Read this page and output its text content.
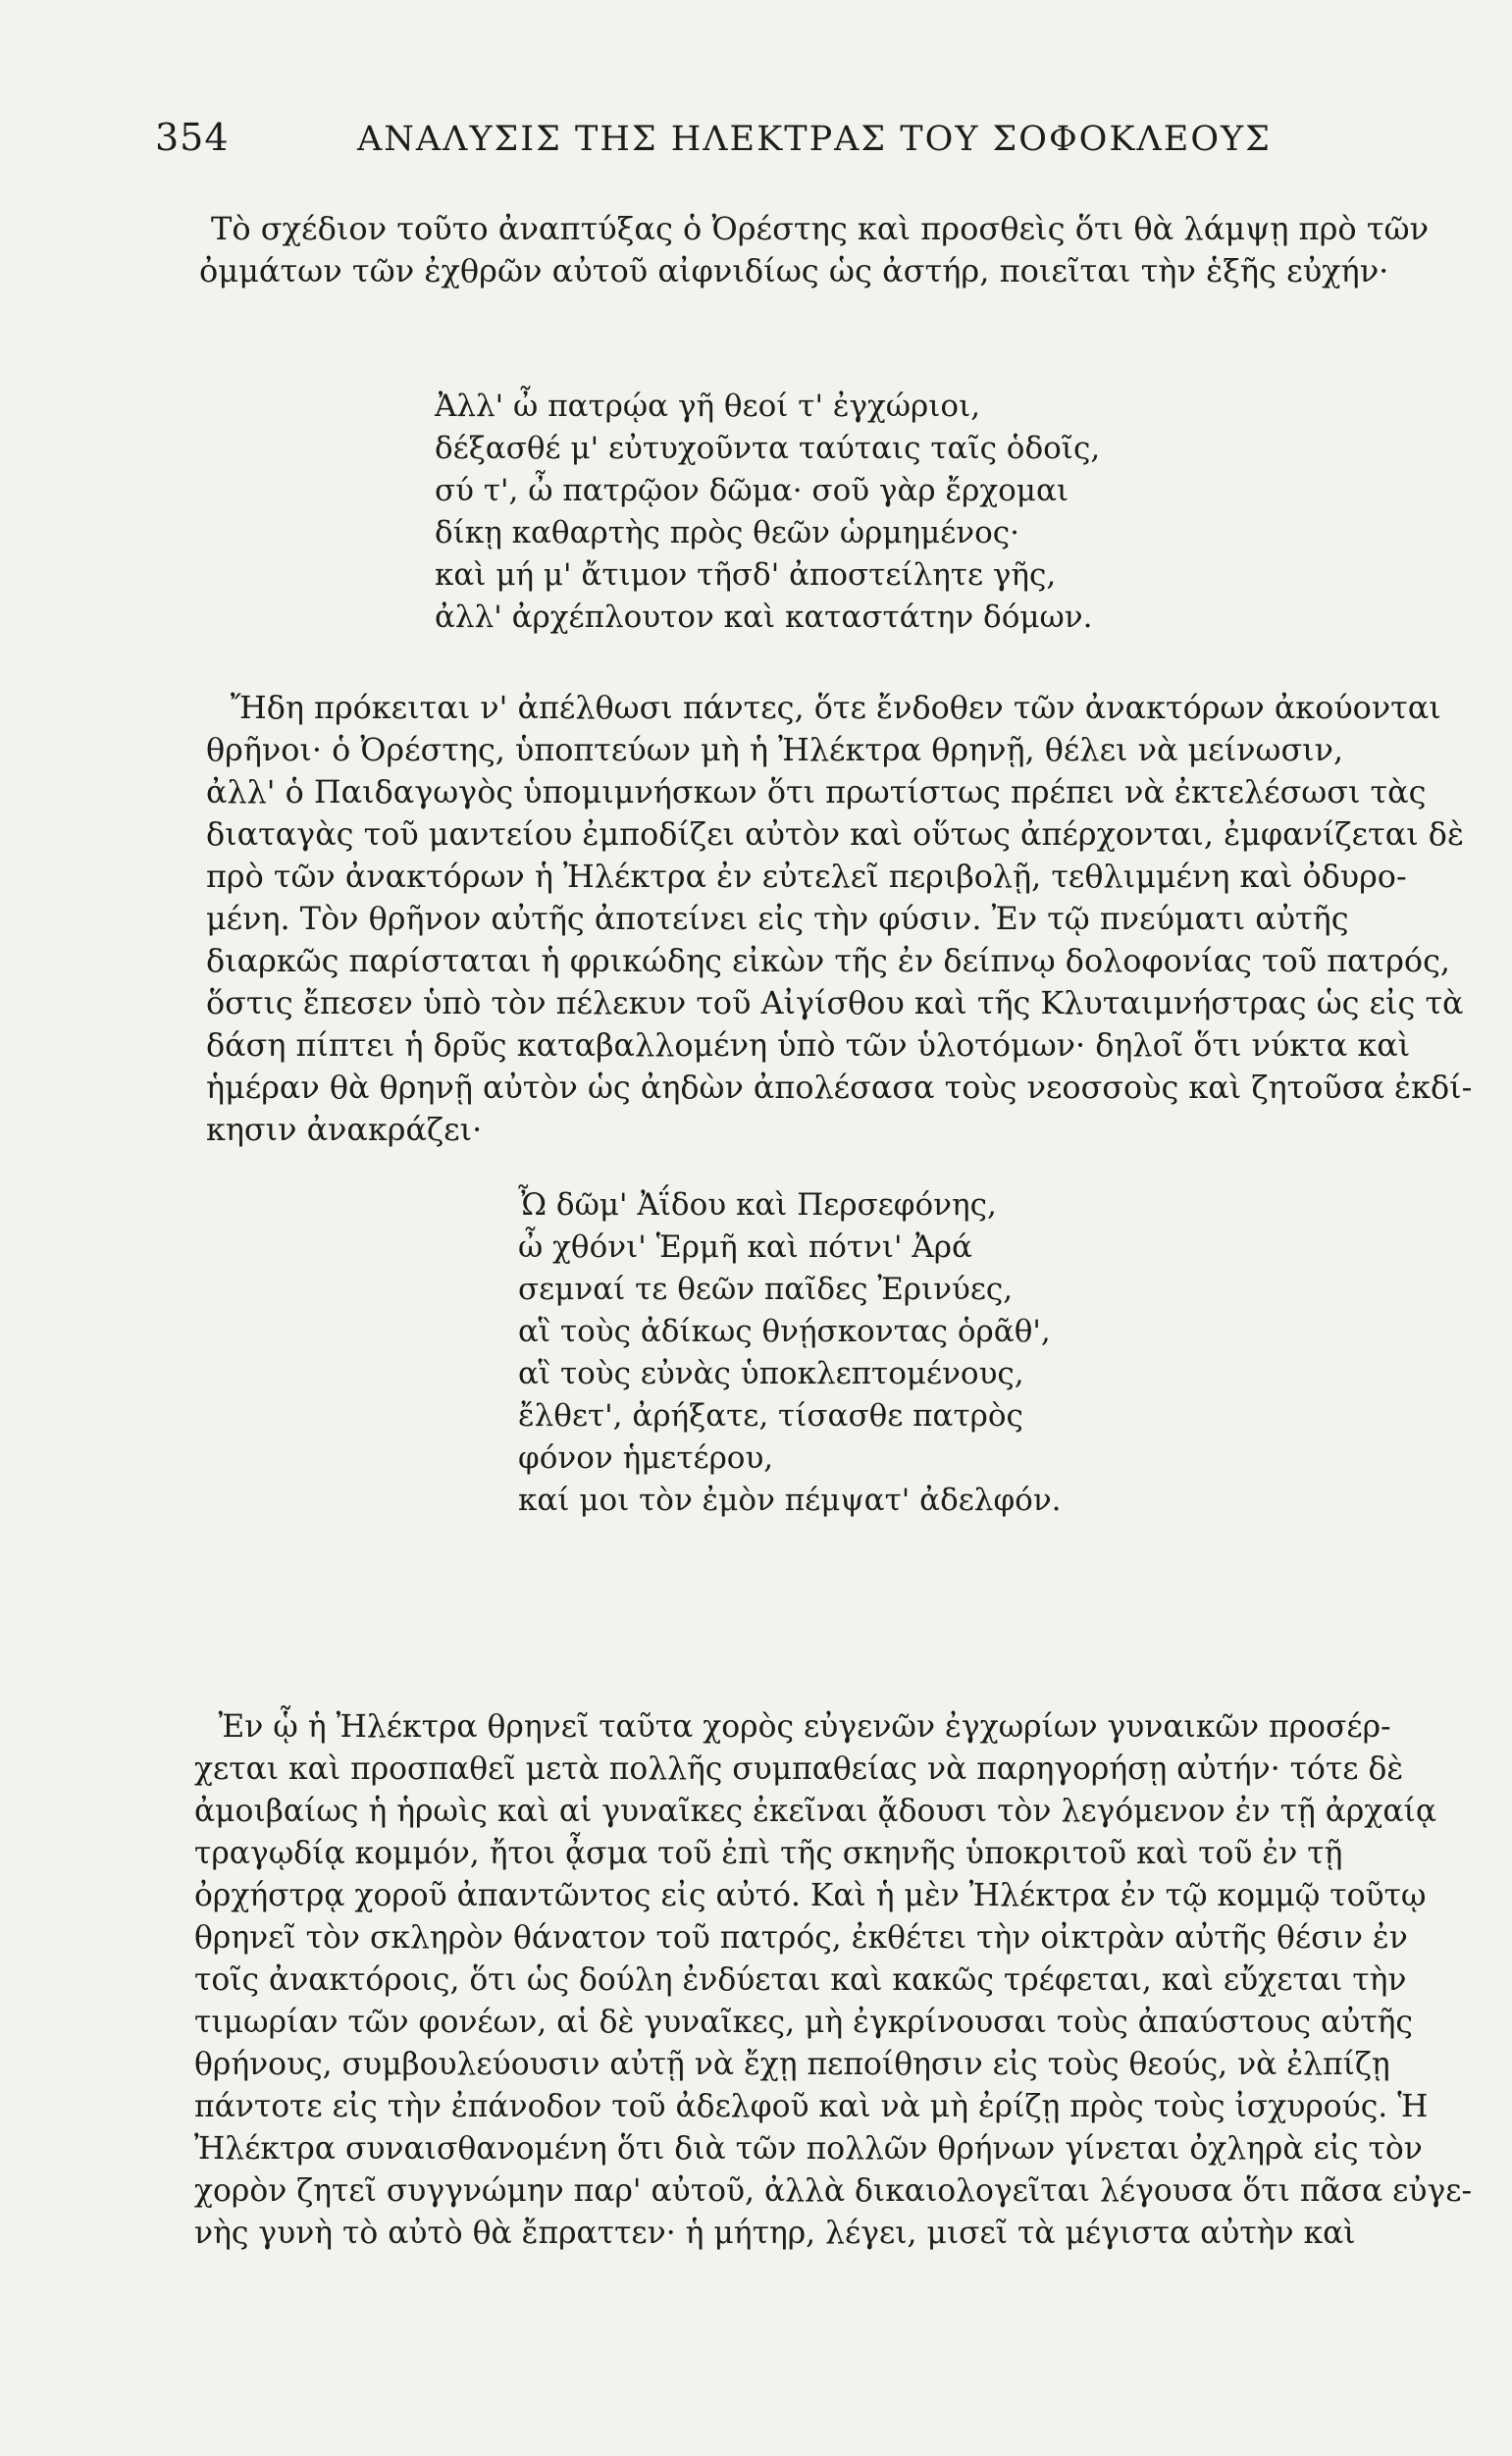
354	ΑΝΑΛΥΣΙΣ ΤΗΣ ΗΛΕΚΤΡΑΣ ΤΟΥ ΣΟΦΟΚΛΕΟΥΣ
Τὸ σχέδιον τοῦτο ἀναπτύξας ὁ Ὀρέστης καὶ προσθεὶς ὅτι θὰ λάμψῃ πρὸ τῶν
ὀμμάτων τῶν ἐχθρῶν αὐτοῦ αἰφνιδίως ὡς ἀστήρ, ποιεῖται τὴν ἑξῆς εὐχήν·
Ἀλλ' ὦ πατρῴα γῆ θεοί τ' ἐγχώριοι,
δέξασθέ μ' εὐτυχοῦντα ταύταις ταῖς ὁδοῖς,
σύ τ', ὦ πατρῷον δῶμα· σοῦ γὰρ ἔρχομαι
δίκῃ καθαρτὴς πρὸς θεῶν ὡρμημένος·
καὶ μή μ' ἄτιμον τῆσδ' ἀποστείλητε γῆς,
ἀλλ' ἀρχέπλουτον καὶ καταστάτην δόμων.
Ἤδη πρόκειται ν' ἀπέλθωσι πάντες, ὅτε ἔνδοθεν τῶν ἀνακτόρων ἀκούονται
θρῆνοι· ὁ Ὀρέστης, ὑποπτεύων μὴ ἡ Ἠλέκτρα θρηνῇ, θέλει νὰ μείνωσιν,
ἀλλ' ὁ Παιδαγωγὸς ὑπομιμνήσκων ὅτι πρωτίστως πρέπει νὰ ἐκτελέσωσι τὰς
διαταγὰς τοῦ μαντείου ἐμποδίζει αὐτὸν καὶ οὕτως ἀπέρχονται, ἐμφανίζεται δὲ
πρὸ τῶν ἀνακτόρων ἡ Ἠλέκτρα ἐν εὐτελεῖ περιβολῇ, τεθλιμμένη καὶ ὀδυρο-
μένη. Τὸν θρῆνον αὐτῆς ἀποτείνει εἰς τὴν φύσιν. Ἐν τῷ πνεύματι αὐτῆς
διαρκῶς παρίσταται ἡ φρικώδης εἰκὼν τῆς ἐν δείπνῳ δολοφονίας τοῦ πατρός,
ὅστις ἔπεσεν ὑπὸ τὸν πέλεκυν τοῦ Αἰγίσθου καὶ τῆς Κλυταιμνήστρας ὡς εἰς τὰ
δάση πίπτει ἡ δρῦς καταβαλλομένη ὑπὸ τῶν ὑλοτόμων· δηλοῖ ὅτι νύκτα καὶ
ἡμέραν θὰ θρηνῇ αὐτὸν ὡς ἀηδὼν ἀπολέσασα τοὺς νεοσσοὺς καὶ ζητοῦσα ἐκδί-
κησιν ἀνακράζει·
Ὦ δῶμ' Ἀΐδου καὶ Περσεφόνης,
ὦ χθόνι' Ἑρμῆ καὶ πότνι' Ἀρά
σεμναί τε θεῶν παῖδες Ἐρινύες,
αἳ τοὺς ἀδίκως θνῄσκοντας ὁρᾶθ',
αἳ τοὺς εὐνὰς ὑποκλεπτομένους,
ἔλθετ', ἀρήξατε, τίσασθε πατρὸς
φόνον ἡμετέρου,
καί μοι τὸν ἐμὸν πέμψατ' ἀδελφόν.
Ἐν ᾧ ἡ Ἠλέκτρα θρηνεῖ ταῦτα χορὸς εὐγενῶν ἐγχωρίων γυναικῶν προσέρ-
χεται καὶ προσπαθεῖ μετὰ πολλῆς συμπαθείας νὰ παρηγορήσῃ αὐτήν· τότε δὲ
ἀμοιβαίως ἡ ἡρωὶς καὶ αἱ γυναῖκες ἐκεῖναι ᾄδουσι τὸν λεγόμενον ἐν τῇ ἀρχαίᾳ
τραγῳδίᾳ κομμόν, ἤτοι ᾆσμα τοῦ ἐπὶ τῆς σκηνῆς ὑποκριτοῦ καὶ τοῦ ἐν τῇ
ὀρχήστρᾳ χοροῦ ἀπαντῶντος εἰς αὐτό. Καὶ ἡ μὲν Ἠλέκτρα ἐν τῷ κομμῷ τοῦτῳ
θρηνεῖ τὸν σκληρὸν θάνατον τοῦ πατρός, ἐκθέτει τὴν οἰκτρὰν αὐτῆς θέσιν ἐν
τοῖς ἀνακτόροις, ὅτι ὡς δούλη ἐνδύεται καὶ κακῶς τρέφεται, καὶ εὔχεται τὴν
τιμωρίαν τῶν φονέων, αἱ δὲ γυναῖκες, μὴ ἐγκρίνουσαι τοὺς ἀπαύστους αὐτῆς
θρήνους, συμβουλεύουσιν αὐτῇ νὰ ἔχῃ πεποίθησιν εἰς τοὺς θεούς, νὰ ἐλπίζῃ
πάντοτε εἰς τὴν ἐπάνοδον τοῦ ἀδελφοῦ καὶ νὰ μὴ ἐρίζῃ πρὸς τοὺς ἰσχυρούς. Ἡ
Ἠλέκτρα συναισθανομένη ὅτι διὰ τῶν πολλῶν θρήνων γίνεται ὀχληρὰ εἰς τὸν
χορὸν ζητεῖ συγγνώμην παρ' αὐτοῦ, ἀλλὰ δικαιολογεῖται λέγουσα ὅτι πᾶσα εὐγε-
νὴς γυνὴ τὸ αὐτὸ θὰ ἔπραττεν· ἡ μήτηρ, λέγει, μισεῖ τὰ μέγιστα αὐτὴν καὶ
